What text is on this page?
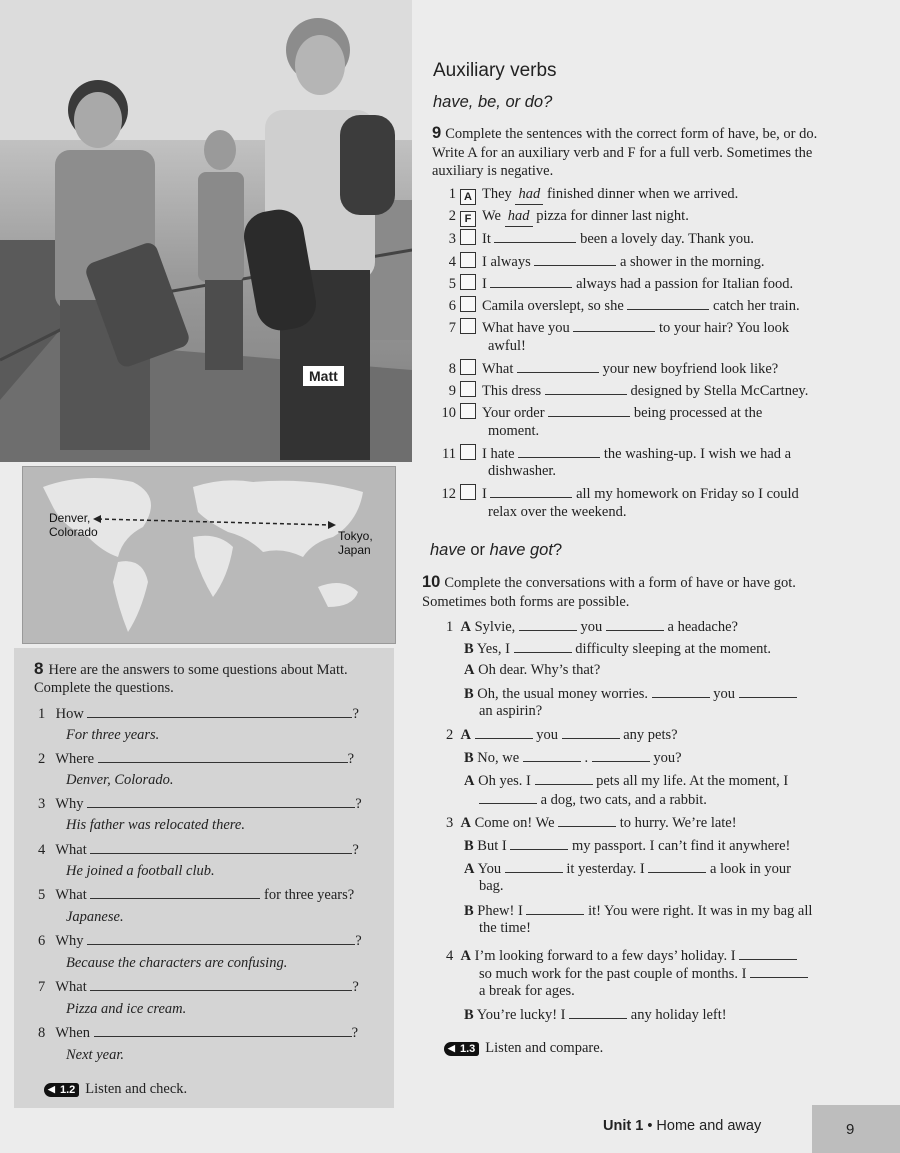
Matt
Denver,
Colorado	Tokyo,
Japan
8 Here are the answers to some questions about Matt. Complete the questions.
1 How	?
For three years.
2 Where	?
Denver, Colorado.
3 Why	?
His father was relocated there.
4 What	?
He joined a football club.
5 What	for three years?
Japanese.
6 Why	?
Because the characters are confusing.
7 What	?
Pizza and ice cream.
8 When	?
Next year.
◀ 1.2 Listen and check.
Auxiliary verbs
have, be, or do?
9 Complete the sentences with the correct form of have, be, or do. Write A for an auxiliary verb and F for a full verb. Sometimes the auxiliary is negative.
1 A They had finished dinner when we arrived.
2 F We had pizza for dinner last night.
3 It	been a lovely day. Thank you.
4 I always	a shower in the morning.
5 I	always had a passion for Italian food.
6 Camila overslept, so she	catch her train.
7 What have you	to your hair? You look
awful!
8 What	your new boyfriend look like?
9 This dress	designed by Stella McCartney.
10 Your order	being processed at the
moment.
11 I hate	the washing-up. I wish we had a
dishwasher.
12 I	all my homework on Friday so I could
relax over the weekend.
have or have got?
10 Complete the conversations with a form of have or have got. Sometimes both forms are possible.
1 A Sylvie,	you	a headache?
B Yes, I	difficulty sleeping at the moment.
A Oh dear. Why’s that?
B Oh, the usual money worries.	you
an aspirin?
2 A	you	any pets?
B No, we	.	you?
A Oh yes. I	pets all my life. At the moment, I
a dog, two cats, and a rabbit.
3 A Come on! We	to hurry. We’re late!
B But I	my passport. I can’t find it anywhere!
A You	it yesterday. I	a look in your
bag.
B Phew! I	it! You were right. It was in my bag all
the time!
4 A I’m looking forward to a few days’ holiday. I
so much work for the past couple of months. I
a break for ages.
B You’re lucky! I	any holiday left!
◀ 1.3 Listen and compare.
Unit 1 • Home and away	9
